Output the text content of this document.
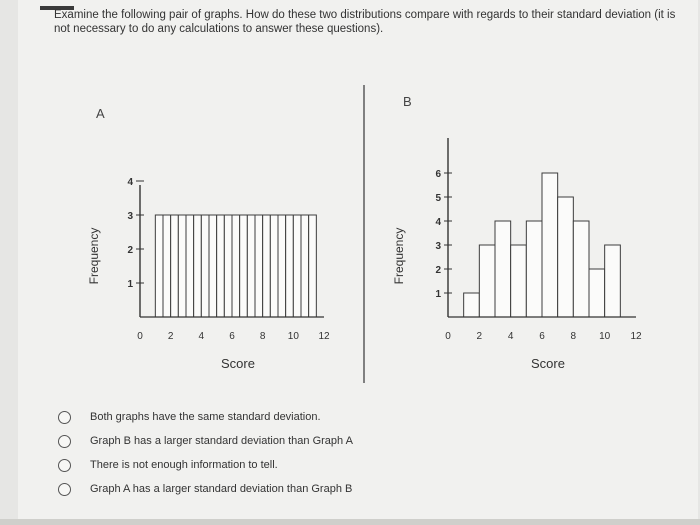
Examine the following pair of graphs. How do these two distributions compare with regards to their standard deviation (it is not necessary to do any calculations to answer these questions).
A
Frequency
1
2
3
4
0	2	4	6	8 10 12
Score
B
Frequency
1
2
3
4
5
6
0	2	4	6	8 10 12
Score
Both graphs have the same standard deviation.
Graph B has a larger standard deviation than Graph A
There is not enough information to tell.
Graph A has a larger standard deviation than Graph B
